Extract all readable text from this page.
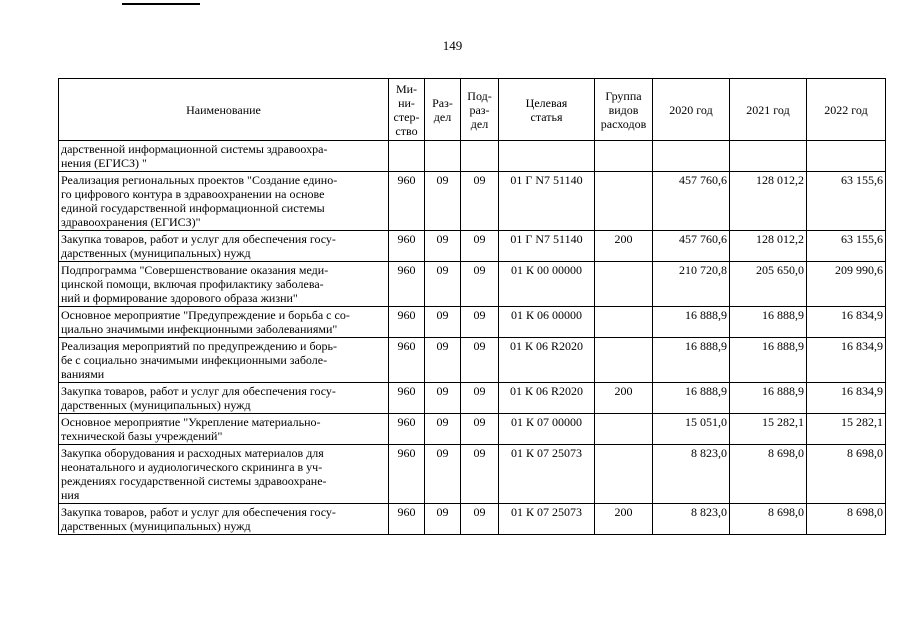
149
Наименование	Ми-
ни-
стер-
ство	Раз-
дел	Под-
раз-
дел	Целевая
статья	Группа
видов
расходов	2020 год	2021 год	2022 год
дарственной информационной системы здравоохра-
нения (ЕГИСЗ) "								
Реализация региональных проектов "Создание едино-
го цифрового контура в здравоохранении на основе
единой государственной информационной системы
здравоохранения (ЕГИСЗ)"	960	09	09	01 Г N7 51140		457 760,6	128 012,2	63 155,6
Закупка товаров, работ и услуг для обеспечения госу-
дарственных (муниципальных) нужд	960	09	09	01 Г N7 51140	200	457 760,6	128 012,2	63 155,6
Подпрограмма "Совершенствование оказания меди-
цинской помощи, включая профилактику заболева-
ний и формирование здорового образа жизни"	960	09	09	01 К 00 00000		210 720,8	205 650,0	209 990,6
Основное мероприятие "Предупреждение и борьба с со-
циально значимыми инфекционными заболеваниями"	960	09	09	01 К 06 00000		16 888,9	16 888,9	16 834,9
Реализация мероприятий по предупреждению и борь-
бе с социально значимыми инфекционными заболе-
ваниями	960	09	09	01 К 06 R2020		16 888,9	16 888,9	16 834,9
Закупка товаров, работ и услуг для обеспечения госу-
дарственных (муниципальных) нужд	960	09	09	01 К 06 R2020	200	16 888,9	16 888,9	16 834,9
Основное мероприятие "Укрепление материально-
технической базы учреждений"	960	09	09	01 К 07 00000		15 051,0	15 282,1	15 282,1
Закупка оборудования и расходных материалов для
неонатального и аудиологического скрининга в уч-
реждениях государственной системы здравоохране-
ния	960	09	09	01 К 07 25073		8 823,0	8 698,0	8 698,0
Закупка товаров, работ и услуг для обеспечения госу-
дарственных (муниципальных) нужд	960	09	09	01 К 07 25073	200	8 823,0	8 698,0	8 698,0
